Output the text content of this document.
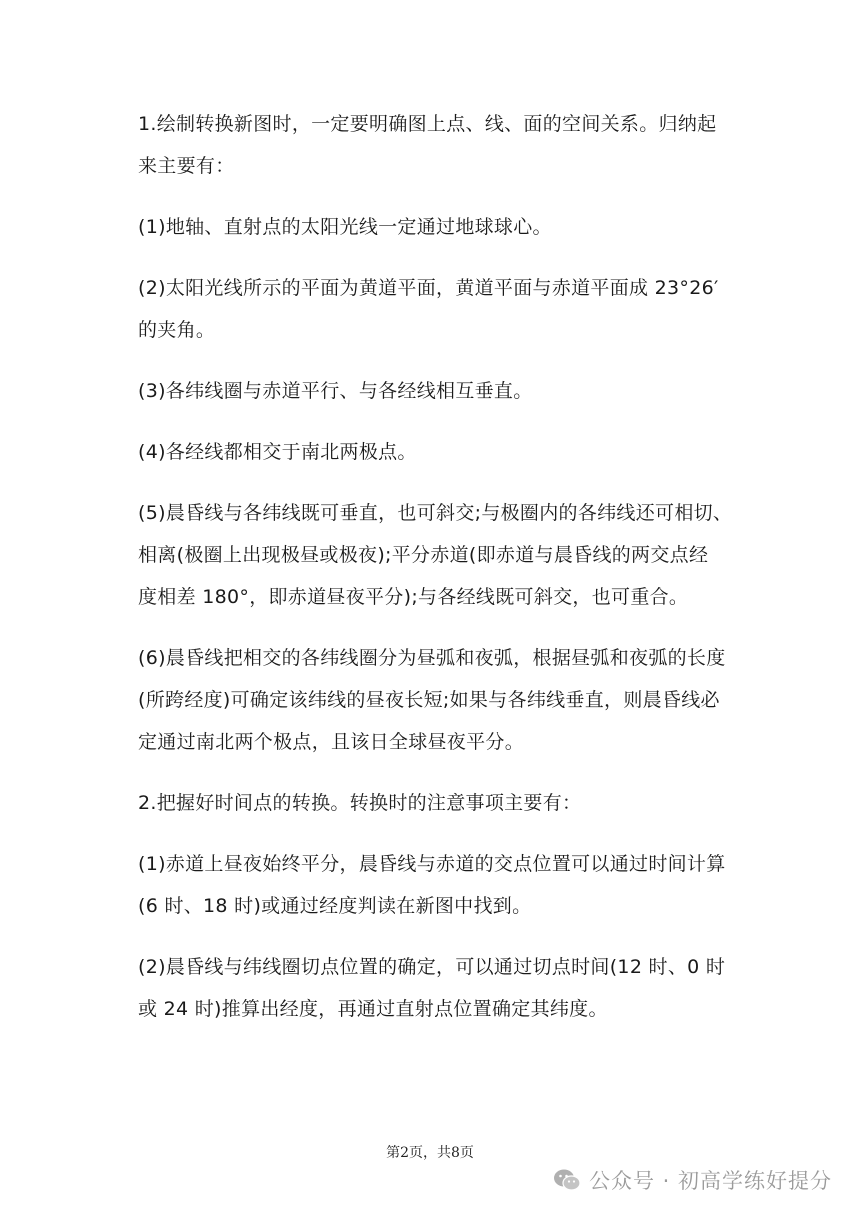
1.绘制转换新图时，一定要明确图上点、线、面的空间关系。归纳起
来主要有：

(1)地轴、直射点的太阳光线一定通过地球球心。

(2)太阳光线所示的平面为黄道平面，黄道平面与赤道平面成 23°26′
的夹角。

(3)各纬线圈与赤道平行、与各经线相互垂直。

(4)各经线都相交于南北两极点。

(5)晨昏线与各纬线既可垂直，也可斜交;与极圈内的各纬线还可相切、
相离(极圈上出现极昼或极夜);平分赤道(即赤道与晨昏线的两交点经
度相差 180°，即赤道昼夜平分);与各经线既可斜交，也可重合。

(6)晨昏线把相交的各纬线圈分为昼弧和夜弧，根据昼弧和夜弧的长度
(所跨经度)可确定该纬线的昼夜长短;如果与各纬线垂直，则晨昏线必
定通过南北两个极点，且该日全球昼夜平分。

2.把握好时间点的转换。转换时的注意事项主要有：

(1)赤道上昼夜始终平分，晨昏线与赤道的交点位置可以通过时间计算
(6 时、18 时)或通过经度判读在新图中找到。

(2)晨昏线与纬线圈切点位置的确定，可以通过切点时间(12 时、0 时
或 24 时)推算出经度，再通过直射点位置确定其纬度。

第2页，共8页
公众号 · 初高学练好提分
